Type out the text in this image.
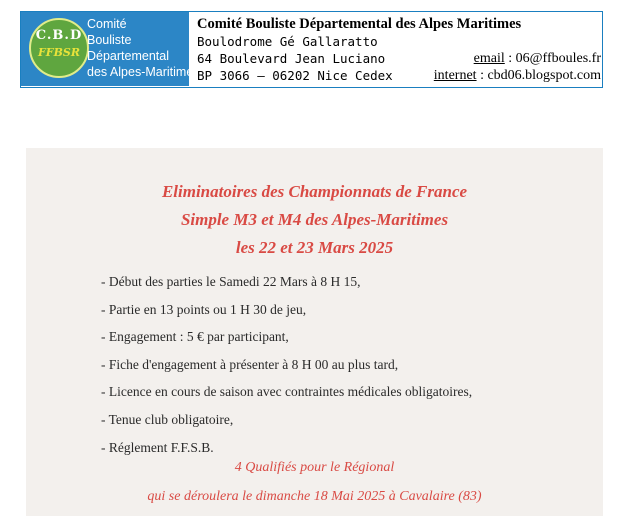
C.B.D
FFBSR
Comité
Bouliste
Départemental
des Alpes-Maritimes
Comité Bouliste Départemental des Alpes Maritimes
Boulodrome Gé Gallaratto
64 Boulevard Jean Luciano	email : 06@ffboules.fr
BP 3066 – 06202 Nice Cedex	internet : cbd06.blogspot.com
Eliminatoires des Championnats de France
Simple M3 et M4 des Alpes-Maritimes
les 22 et 23 Mars 2025
- Début des parties le Samedi 22 Mars à 8 H 15,
- Partie en 13 points ou 1 H 30 de jeu,
- Engagement : 5 € par participant,
- Fiche d'engagement à présenter à 8 H 00 au plus tard,
- Licence en cours de saison avec contraintes médicales obligatoires,
- Tenue club obligatoire,
- Réglement F.F.S.B.
4 Qualifiés pour le Régional
qui se déroulera le dimanche 18 Mai 2025 à Cavalaire (83)
